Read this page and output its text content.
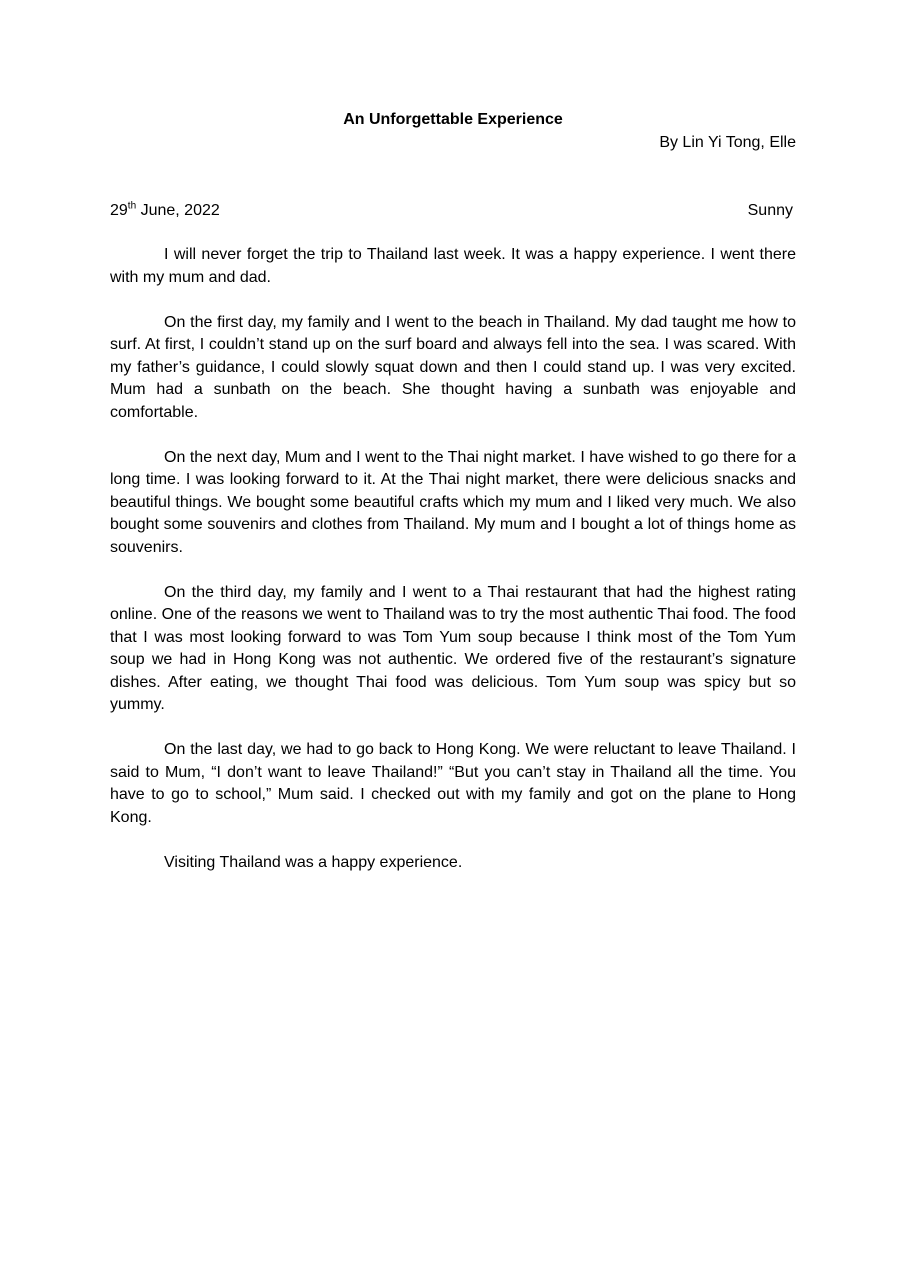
An Unforgettable Experience
By Lin Yi Tong, Elle
29th June, 2022	Sunny

I will never forget the trip to Thailand last week. It was a happy experience. I went there with my mum and dad.

On the first day, my family and I went to the beach in Thailand. My dad taught me how to surf. At first, I couldn’t stand up on the surf board and always fell into the sea. I was scared. With my father’s guidance, I could slowly squat down and then I could stand up. I was very excited. Mum had a sunbath on the beach. She thought having a sunbath was enjoyable and comfortable.

On the next day, Mum and I went to the Thai night market. I have wished to go there for a long time. I was looking forward to it. At the Thai night market, there were delicious snacks and beautiful things. We bought some beautiful crafts which my mum and I liked very much. We also bought some souvenirs and clothes from Thailand. My mum and I bought a lot of things home as souvenirs.

On the third day, my family and I went to a Thai restaurant that had the highest rating online. One of the reasons we went to Thailand was to try the most authentic Thai food. The food that I was most looking forward to was Tom Yum soup because I think most of the Tom Yum soup we had in Hong Kong was not authentic. We ordered five of the restaurant’s signature dishes. After eating, we thought Thai food was delicious. Tom Yum soup was spicy but so yummy.

On the last day, we had to go back to Hong Kong. We were reluctant to leave Thailand. I said to Mum, “I don’t want to leave Thailand!” “But you can’t stay in Thailand all the time. You have to go to school,” Mum said. I checked out with my family and got on the plane to Hong Kong.

Visiting Thailand was a happy experience.
